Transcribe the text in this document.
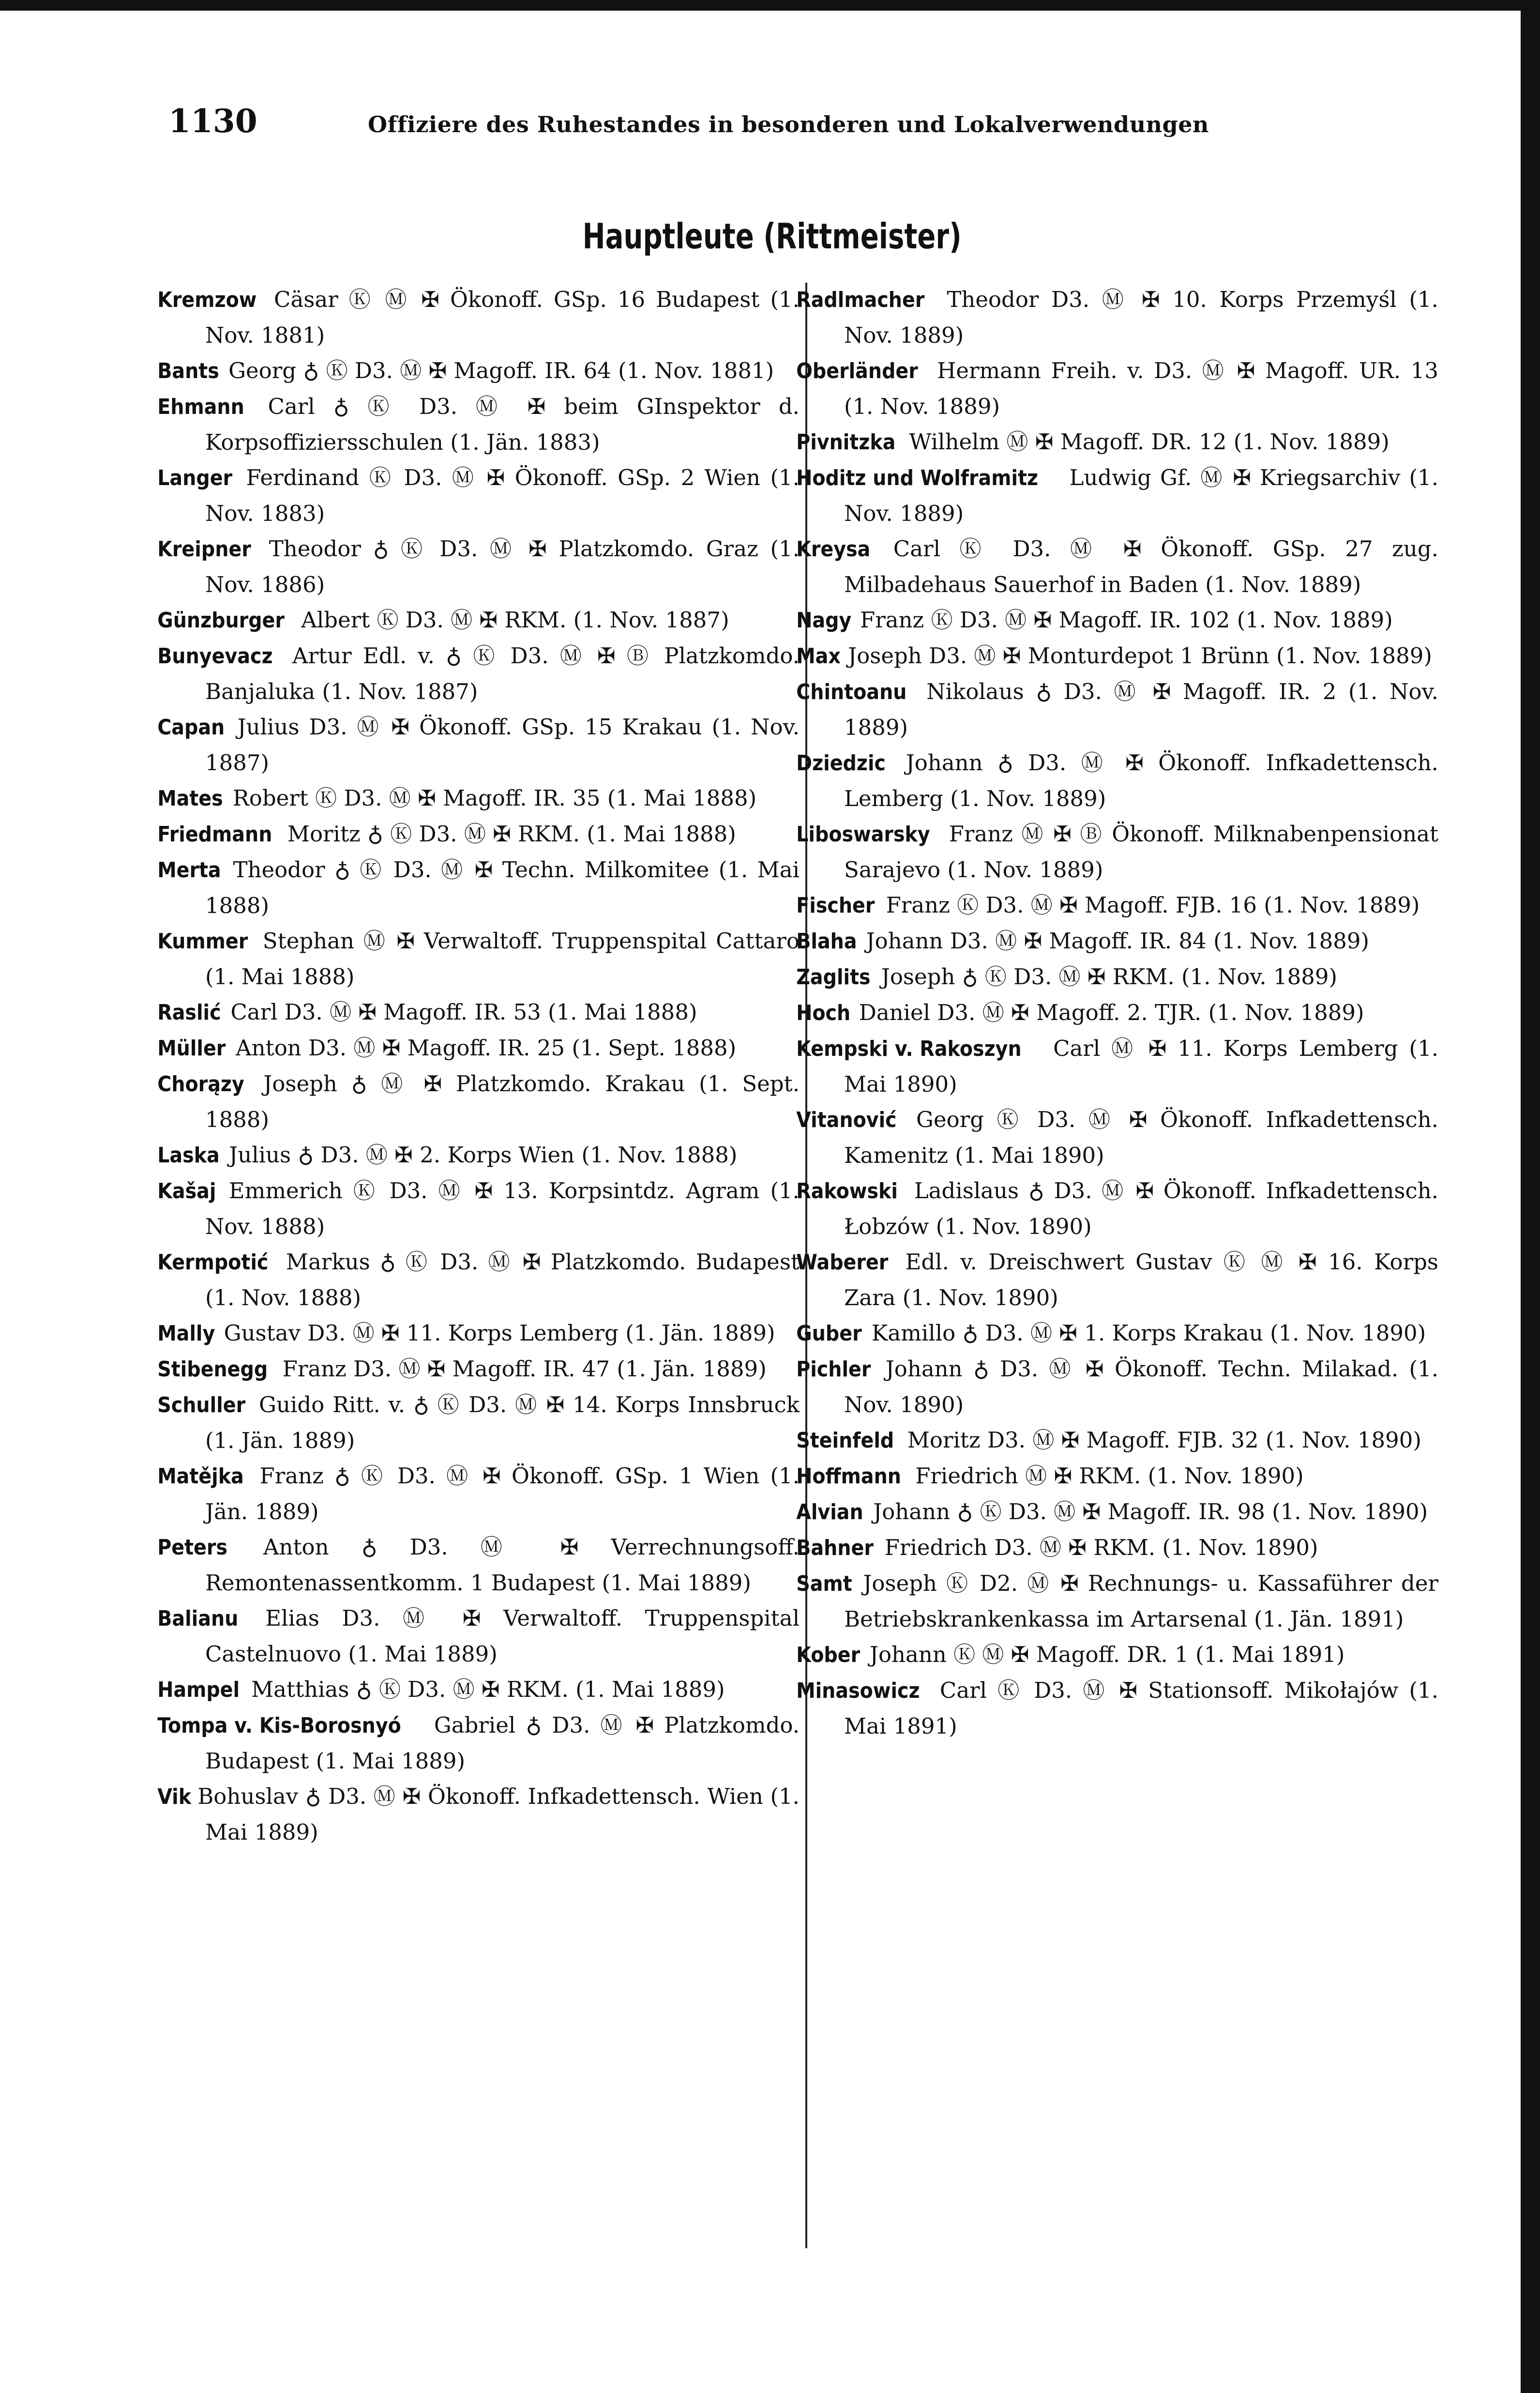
1130	Offiziere des Ruhestandes in besonderen und Lokalverwendungen
Hauptleute (Rittmeister)

Kremzow Cäsar Ⓚ Ⓜ ✠ Ökonoff. GSp. 16 Budapest (1. Nov. 1881)

Bants Georg ♁ Ⓚ D3. Ⓜ ✠ Magoff. IR. 64 (1. Nov. 1881)

Ehmann Carl ♁ Ⓚ D3. Ⓜ ✠ beim GInspektor d. Korpsoffiziersschulen (1. Jän. 1883)

Langer Ferdinand Ⓚ D3. Ⓜ ✠ Ökonoff. GSp. 2 Wien (1. Nov. 1883)

Kreipner Theodor ♁ Ⓚ D3. Ⓜ ✠ Platzkomdo. Graz (1. Nov. 1886)

Günzburger Albert Ⓚ D3. Ⓜ ✠ RKM. (1. Nov. 1887)

Bunyevacz Artur Edl. v. ♁ Ⓚ D3. Ⓜ ✠ Ⓑ Platzkomdo. Banjaluka (1. Nov. 1887)

Capan Julius D3. Ⓜ ✠ Ökonoff. GSp. 15 Krakau (1. Nov. 1887)

Mates Robert Ⓚ D3. Ⓜ ✠ Magoff. IR. 35 (1. Mai 1888)

Friedmann Moritz ♁ Ⓚ D3. Ⓜ ✠ RKM. (1. Mai 1888)

Merta Theodor ♁ Ⓚ D3. Ⓜ ✠ Techn. Milkomitee (1. Mai 1888)

Kummer Stephan Ⓜ ✠ Verwaltoff. Truppenspital Cattaro (1. Mai 1888)

Raslić Carl D3. Ⓜ ✠ Magoff. IR. 53 (1. Mai 1888)

Müller Anton D3. Ⓜ ✠ Magoff. IR. 25 (1. Sept. 1888)

Chorązy Joseph ♁ Ⓜ ✠ Platzkomdo. Krakau (1. Sept. 1888)

Laska Julius ♁ D3. Ⓜ ✠ 2. Korps Wien (1. Nov. 1888)

Kašaj Emmerich Ⓚ D3. Ⓜ ✠ 13. Korpsintdz. Agram (1. Nov. 1888)

Kermpotić Markus ♁ Ⓚ D3. Ⓜ ✠ Platzkomdo. Budapest (1. Nov. 1888)

Mally Gustav D3. Ⓜ ✠ 11. Korps Lemberg (1. Jän. 1889)

Stibenegg Franz D3. Ⓜ ✠ Magoff. IR. 47 (1. Jän. 1889)

Schuller Guido Ritt. v. ♁ Ⓚ D3. Ⓜ ✠ 14. Korps Innsbruck (1. Jän. 1889)

Matějka Franz ♁ Ⓚ D3. Ⓜ ✠ Ökonoff. GSp. 1 Wien (1. Jän. 1889)

Peters Anton ♁ D3. Ⓜ ✠ Verrechnungsoff. Remontenassentkomm. 1 Budapest (1. Mai 1889)

Balianu Elias D3. Ⓜ ✠ Verwaltoff. Truppenspital Castelnuovo (1. Mai 1889)

Hampel Matthias ♁ Ⓚ D3. Ⓜ ✠ RKM. (1. Mai 1889)

Tompa v. Kis-Borosnyó Gabriel ♁ D3. Ⓜ ✠ Platzkomdo. Budapest (1. Mai 1889)

Vik Bohuslav ♁ D3. Ⓜ ✠ Ökonoff. Infkadettensch. Wien (1. Mai 1889)

Radlmacher Theodor D3. Ⓜ ✠ 10. Korps Przemyśl (1. Nov. 1889)

Oberländer Hermann Freih. v. D3. Ⓜ ✠ Magoff. UR. 13 (1. Nov. 1889)

Pivnitzka Wilhelm Ⓜ ✠ Magoff. DR. 12 (1. Nov. 1889)

Hoditz und Wolframitz Ludwig Gf. Ⓜ ✠ Kriegsarchiv (1. Nov. 1889)

Kreysa Carl Ⓚ D3. Ⓜ ✠ Ökonoff. GSp. 27 zug. Milbadehaus Sauerhof in Baden (1. Nov. 1889)

Nagy Franz Ⓚ D3. Ⓜ ✠ Magoff. IR. 102 (1. Nov. 1889)

Max Joseph D3. Ⓜ ✠ Monturdepot 1 Brünn (1. Nov. 1889)

Chintoanu Nikolaus ♁ D3. Ⓜ ✠ Magoff. IR. 2 (1. Nov. 1889)

Dziedzic Johann ♁ D3. Ⓜ ✠ Ökonoff. Infkadettensch. Lemberg (1. Nov. 1889)

Liboswarsky Franz Ⓜ ✠ Ⓑ Ökonoff. Milknabenpensionat Sarajevo (1. Nov. 1889)

Fischer Franz Ⓚ D3. Ⓜ ✠ Magoff. FJB. 16 (1. Nov. 1889)

Blaha Johann D3. Ⓜ ✠ Magoff. IR. 84 (1. Nov. 1889)

Zaglits Joseph ♁ Ⓚ D3. Ⓜ ✠ RKM. (1. Nov. 1889)

Hoch Daniel D3. Ⓜ ✠ Magoff. 2. TJR. (1. Nov. 1889)

Kempski v. Rakoszyn Carl Ⓜ ✠ 11. Korps Lemberg (1. Mai 1890)

Vitanović Georg Ⓚ D3. Ⓜ ✠ Ökonoff. Infkadettensch. Kamenitz (1. Mai 1890)

Rakowski Ladislaus ♁ D3. Ⓜ ✠ Ökonoff. Infkadettensch. Łobzów (1. Nov. 1890)

Waberer Edl. v. Dreischwert Gustav Ⓚ Ⓜ ✠ 16. Korps Zara (1. Nov. 1890)

Guber Kamillo ♁ D3. Ⓜ ✠ 1. Korps Krakau (1. Nov. 1890)

Pichler Johann ♁ D3. Ⓜ ✠ Ökonoff. Techn. Milakad. (1. Nov. 1890)

Steinfeld Moritz D3. Ⓜ ✠ Magoff. FJB. 32 (1. Nov. 1890)

Hoffmann Friedrich Ⓜ ✠ RKM. (1. Nov. 1890)

Alvian Johann ♁ Ⓚ D3. Ⓜ ✠ Magoff. IR. 98 (1. Nov. 1890)

Bahner Friedrich D3. Ⓜ ✠ RKM. (1. Nov. 1890)

Samt Joseph Ⓚ D2. Ⓜ ✠ Rechnungs- u. Kassaführer der Betriebskrankenkassa im Artarsenal (1. Jän. 1891)

Kober Johann Ⓚ Ⓜ ✠ Magoff. DR. 1 (1. Mai 1891)

Minasowicz Carl Ⓚ D3. Ⓜ ✠ Stationsoff. Mikołajów (1. Mai 1891)
